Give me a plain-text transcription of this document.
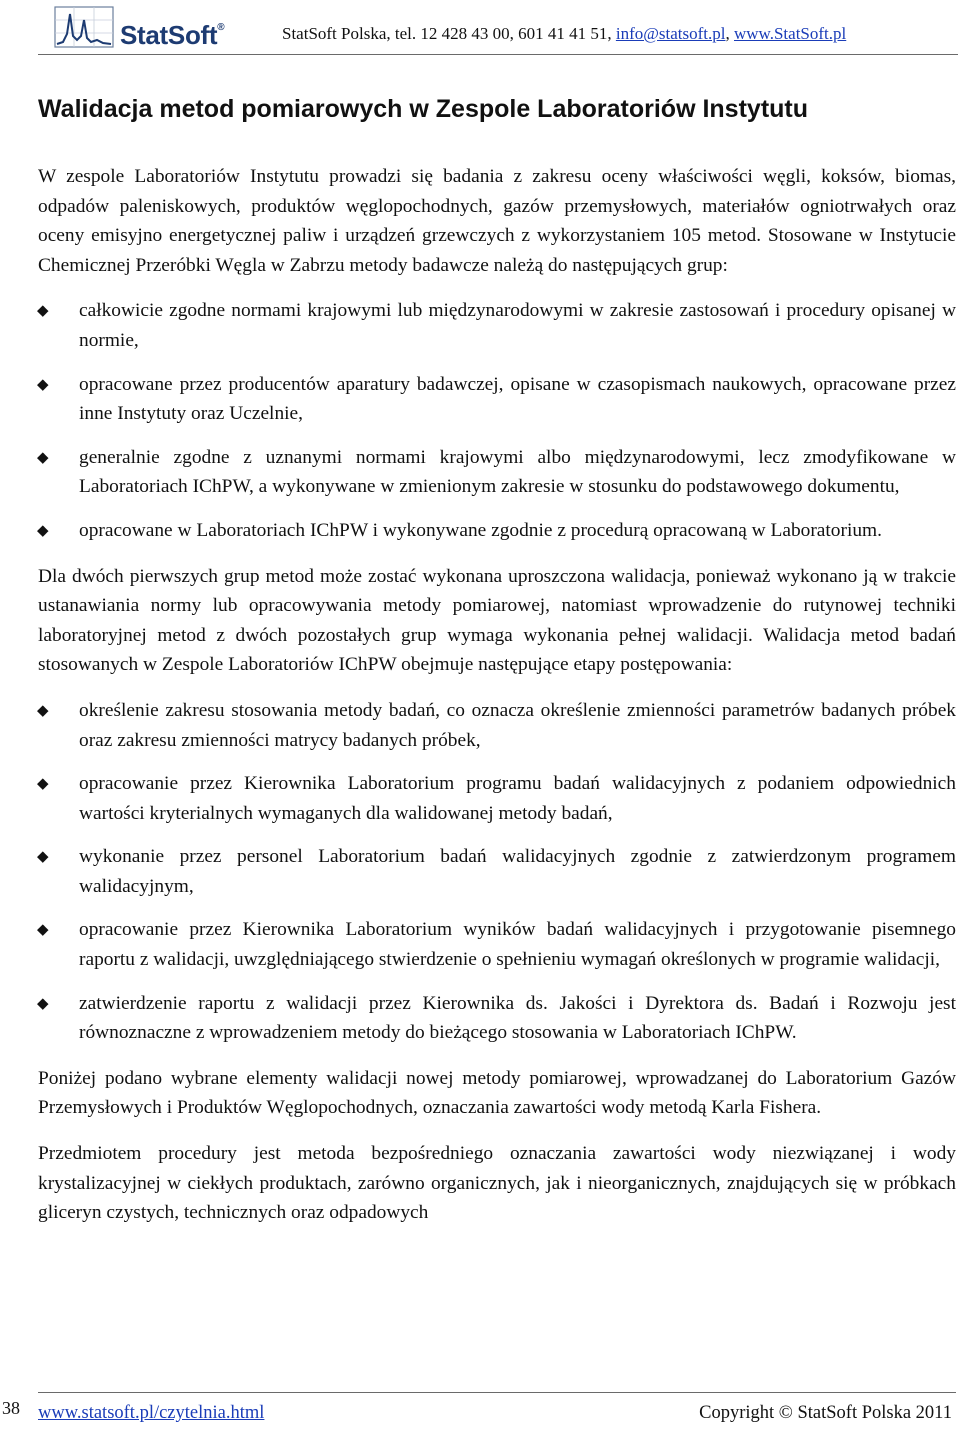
StatSoft®	StatSoft Polska, tel. 12 428 43 00, 601 41 41 51, info@statsoft.pl, www.StatSoft.pl
Walidacja metod pomiarowych w Zespole Laboratoriów Instytutu

W zespole Laboratoriów Instytutu prowadzi się badania z zakresu oceny właściwości węgli, koksów, biomas, odpadów paleniskowych, produktów węglopochodnych, gazów przemysłowych, materiałów ogniotrwałych oraz oceny emisyjno energetycznej paliw i urządzeń grzewczych z wykorzystaniem 105 metod. Stosowane w Instytucie Chemicznej Przeróbki Węgla w Zabrzu metody badawcze należą do następujących grup:

◆ całkowicie zgodne normami krajowymi lub międzynarodowymi w zakresie zastosowań i procedury opisanej w normie,
◆ opracowane przez producentów aparatury badawczej, opisane w czasopismach naukowych, opracowane przez inne Instytuty oraz Uczelnie,
◆ generalnie zgodne z uznanymi normami krajowymi albo międzynarodowymi, lecz zmodyfikowane w Laboratoriach IChPW, a wykonywane w zmienionym zakresie w stosunku do podstawowego dokumentu,
◆ opracowane w Laboratoriach IChPW i wykonywane zgodnie z procedurą opracowaną w Laboratorium.

Dla dwóch pierwszych grup metod może zostać wykonana uproszczona walidacja, ponieważ wykonano ją w trakcie ustanawiania normy lub opracowywania metody pomiarowej, natomiast wprowadzenie do rutynowej techniki laboratoryjnej metod z dwóch pozostałych grup wymaga wykonania pełnej walidacji. Walidacja metod badań stosowanych w Zespole Laboratoriów IChPW obejmuje następujące etapy postępowania:

◆ określenie zakresu stosowania metody badań, co oznacza określenie zmienności parametrów badanych próbek oraz zakresu zmienności matrycy badanych próbek,
◆ opracowanie przez Kierownika Laboratorium programu badań walidacyjnych z podaniem odpowiednich wartości kryterialnych wymaganych dla walidowanej metody badań,
◆ wykonanie przez personel Laboratorium badań walidacyjnych zgodnie z zatwierdzonym programem walidacyjnym,
◆ opracowanie przez Kierownika Laboratorium wyników badań walidacyjnych i przygotowanie pisemnego raportu z walidacji, uwzględniającego stwierdzenie o spełnieniu wymagań określonych w programie walidacji,
◆ zatwierdzenie raportu z walidacji przez Kierownika ds. Jakości i Dyrektora ds. Badań i Rozwoju jest równoznaczne z wprowadzeniem metody do bieżącego stosowania w Laboratoriach IChPW.

Poniżej podano wybrane elementy walidacji nowej metody pomiarowej, wprowadzanej do Laboratorium Gazów Przemysłowych i Produktów Węglopochodnych, oznaczania zawartości wody metodą Karla Fishera.

Przedmiotem procedury jest metoda bezpośredniego oznaczania zawartości wody niezwiązanej i wody krystalizacyjnej w ciekłych produktach, zarówno organicznych, jak i nieorganicznych, znajdujących się w próbkach gliceryn czystych, technicznych oraz odpadowych

38 www.statsoft.pl/czytelnia.html	Copyright © StatSoft Polska 2011
